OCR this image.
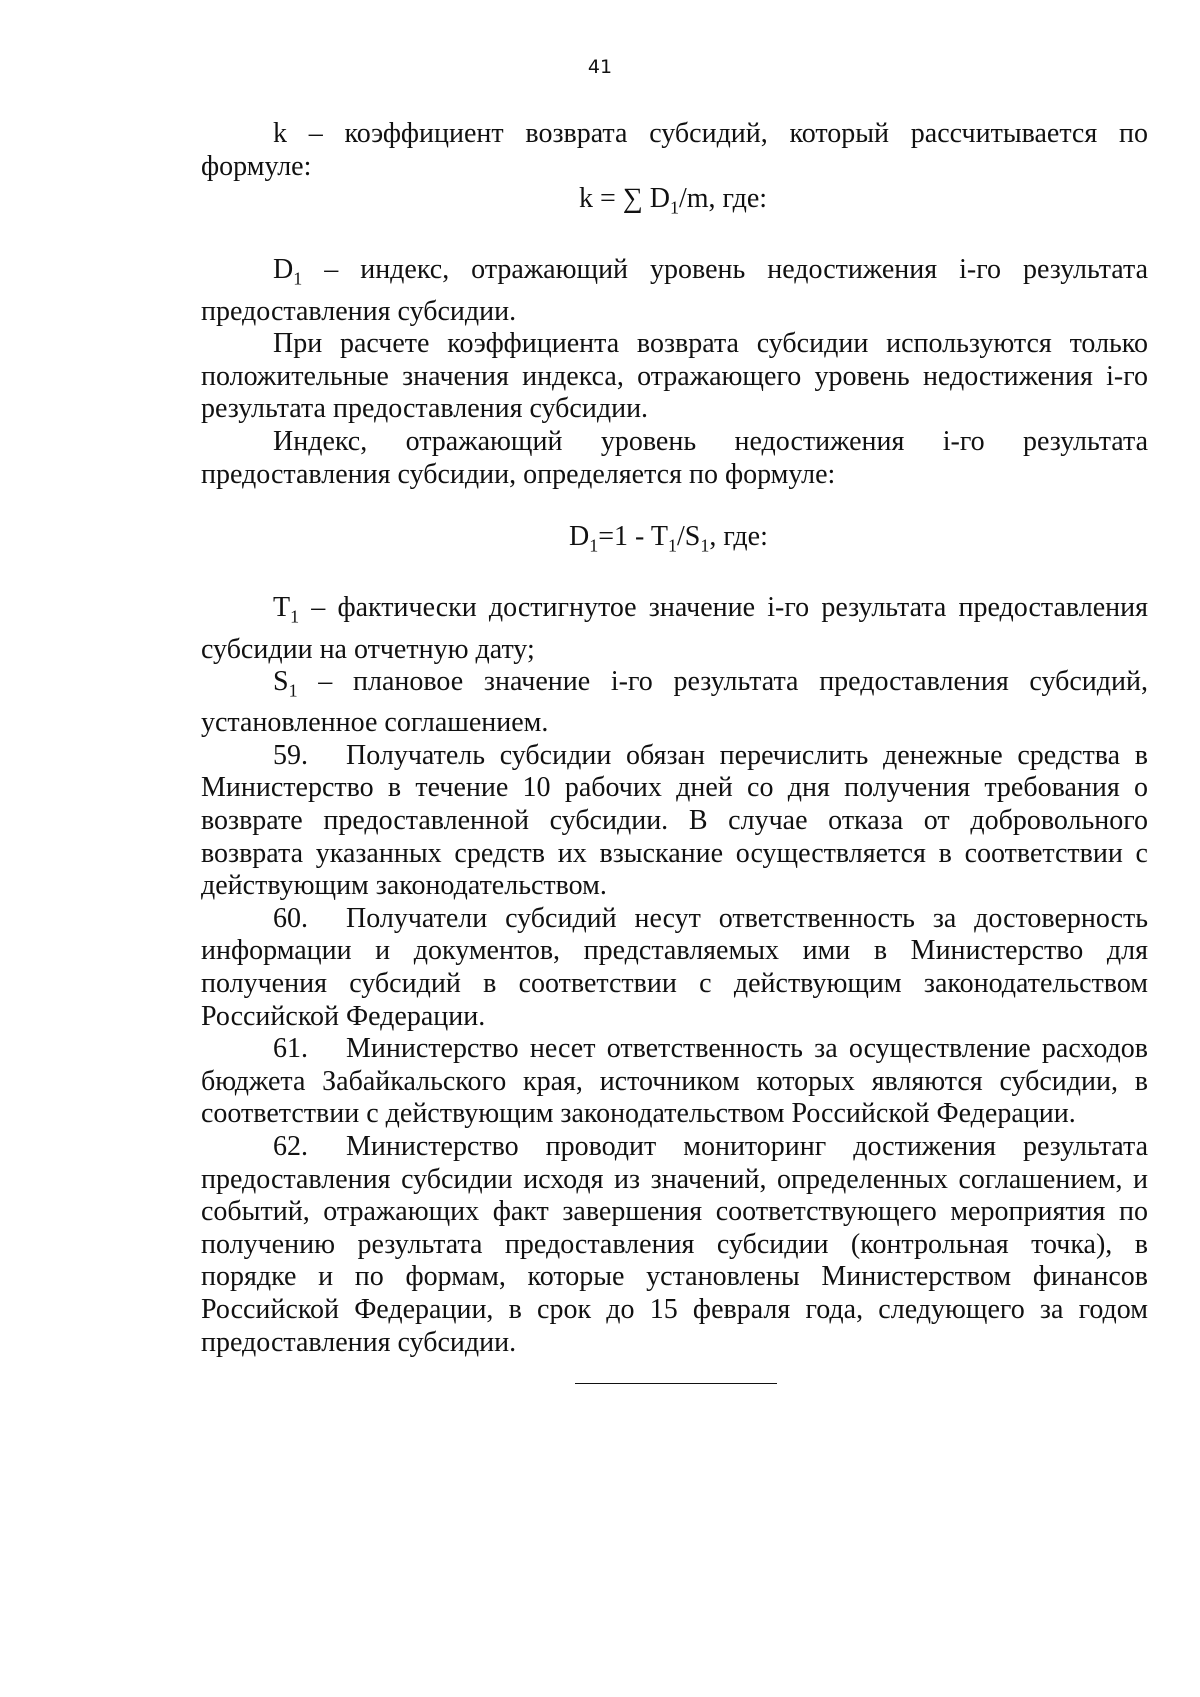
41

k – коэффициент возврата субсидий, который рассчитывается по формуле:

k = ∑ $D_1/m$, где:

$D_1$ – индекс, отражающий уровень недостижения i-го результата предоставления субсидии.

При расчете коэффициента возврата субсидии используются только положительные значения индекса, отражающего уровень недостижения i-го результата предоставления субсидии.

Индекс, отражающий уровень недостижения i-го результата предоставления субсидии, определяется по формуле:

$D_1=1 - T_1/S_1$, где:

$T_1$ – фактически достигнутое значение i-го результата предоставления субсидии на отчетную дату;

$S_1$ – плановое значение i-го результата предоставления субсидий, установленное соглашением.

59. Получатель субсидии обязан перечислить денежные средства в Министерство в течение 10 рабочих дней со дня получения требования о возврате предоставленной субсидии. В случае отказа от добровольного возврата указанных средств их взыскание осуществляется в соответствии с действующим законодательством.

60. Получатели субсидий несут ответственность за достоверность информации и документов, представляемых ими в Министерство для получения субсидий в соответствии с действующим законодательством Российской Федерации.

61. Министерство несет ответственность за осуществление расходов бюджета Забайкальского края, источником которых являются субсидии, в соответствии с действующим законодательством Российской Федерации.

62. Министерство проводит мониторинг достижения результата предоставления субсидии исходя из значений, определенных соглашением, и событий, отражающих факт завершения соответствующего мероприятия по получению результата предоставления субсидии (контрольная точка), в порядке и по формам, которые установлены Министерством финансов Российской Федерации, в срок до 15 февраля года, следующего за годом предоставления субсидии.
